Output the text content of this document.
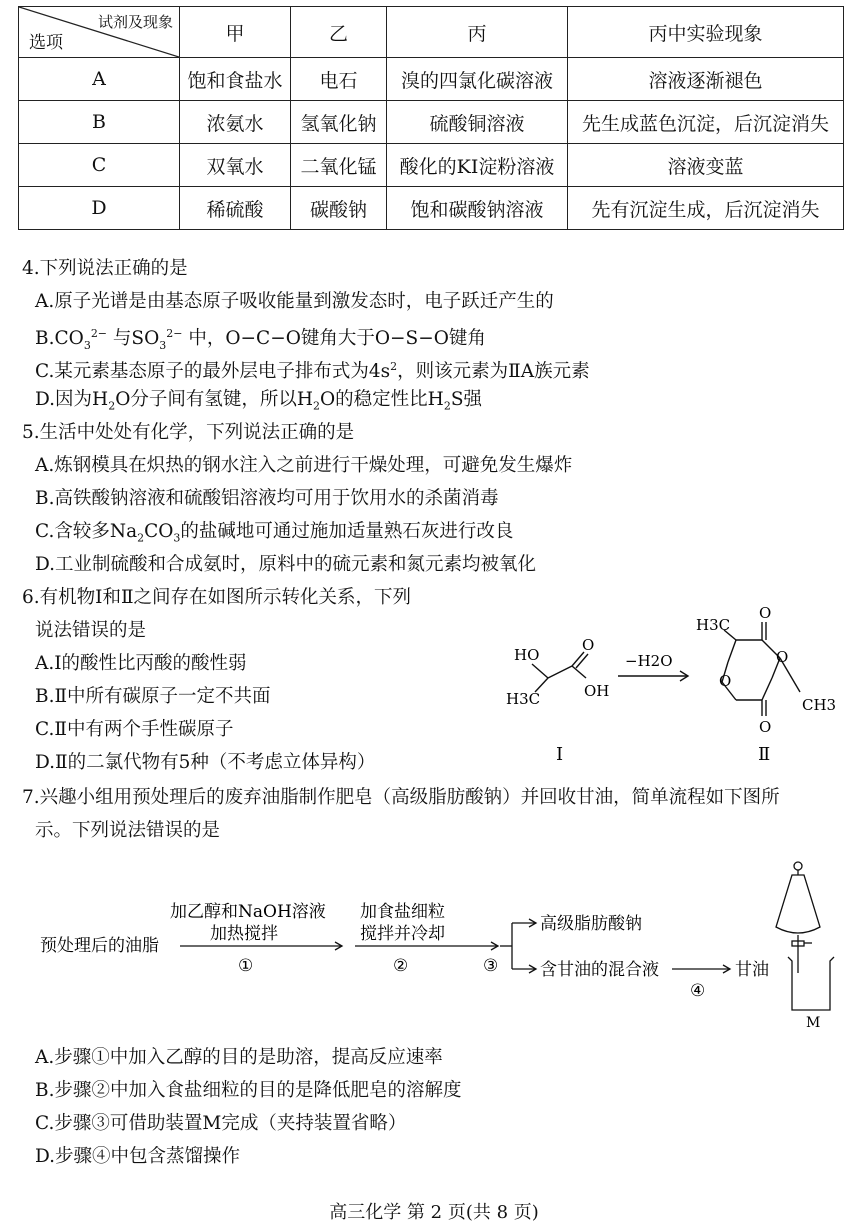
试剂及现象
选项	甲	乙	丙	丙中实验现象
A	饱和食盐水	电石	溴的四氯化碳溶液	溶液逐渐褪色
B	浓氨水	氢氧化钠	硫酸铜溶液	先生成蓝色沉淀，后沉淀消失
C	双氧水	二氧化锰	酸化的KI淀粉溶液	溶液变蓝
D	稀硫酸	碳酸钠	饱和碳酸钠溶液	先有沉淀生成，后沉淀消失
4.下列说法正确的是
A.原子光谱是由基态原子吸收能量到激发态时，电子跃迁产生的
$B.CO_3^{2-}$ 与$SO_3^{2-}$ 中，O−C−O键角大于O−S−O键角
C.某元素基态原子的最外层电子排布式为$4s^2$，则该元素为ⅡA族元素
D.因为$H_2O$分子间有氢键，所以$H_2O$的稳定性比$H_2S$强
5.生活中处处有化学，下列说法正确的是
A.炼钢模具在炽热的钢水注入之前进行干燥处理，可避免发生爆炸
B.高铁酸钠溶液和硫酸铝溶液均可用于饮用水的杀菌消毒
C.含较多$Na_2CO_3$的盐碱地可通过施加适量熟石灰进行改良
D.工业制硫酸和合成氨时，原料中的硫元素和氮元素均被氧化
6.有机物Ⅰ和Ⅱ之间存在如图所示转化关系，下列
说法错误的是
A.Ⅰ的酸性比丙酸的酸性弱
B.Ⅱ中所有碳原子一定不共面
C.Ⅱ中有两个手性碳原子
D.Ⅱ的二氯代物有5种（不考虑立体异构）
HO
O
OH
H3C
−H2O
H3C
O
O
O
O
CH3
Ⅰ	Ⅱ
7.兴趣小组用预处理后的废弃油脂制作肥皂（高级脂肪酸钠）并回收甘油，简单流程如下图所
示。下列说法错误的是
预处理后的油脂
加乙醇和NaOH溶液
加热搅拌
①
加食盐细粒
搅拌并冷却
②	③
高级脂肪酸钠
含甘油的混合液
④
甘油
M
A.步骤①中加入乙醇的目的是助溶，提高反应速率
B.步骤②中加入食盐细粒的目的是降低肥皂的溶解度
C.步骤③可借助装置M完成（夹持装置省略）
D.步骤④中包含蒸馏操作
高三化学 第 2 页(共 8 页)
